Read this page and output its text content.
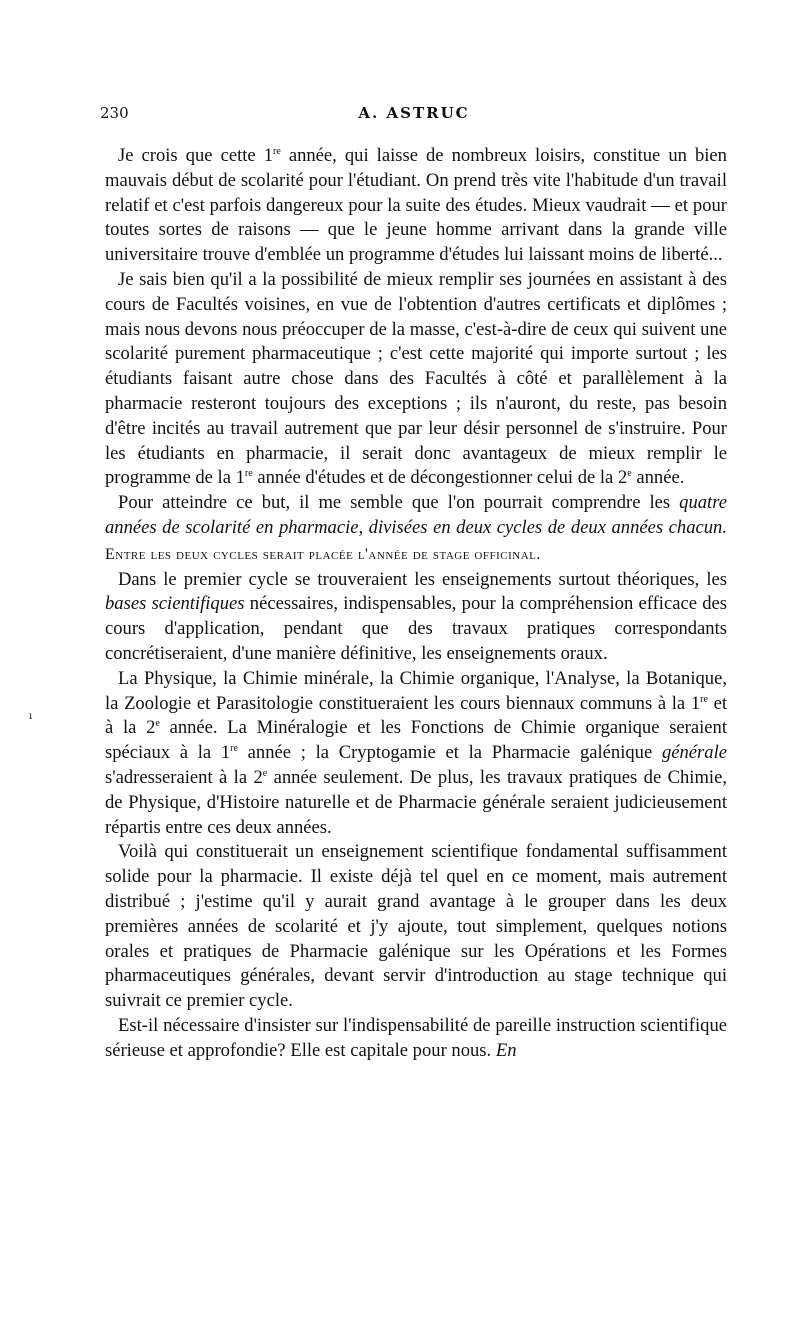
230	A. ASTRUC
ı

Je crois que cette 1re année, qui laisse de nombreux loisirs, constitue un bien mauvais début de scolarité pour l'étudiant. On prend très vite l'habitude d'un travail relatif et c'est parfois dangereux pour la suite des études. Mieux vaudrait — et pour toutes sortes de raisons — que le jeune homme arrivant dans la grande ville universitaire trouve d'emblée un programme d'études lui laissant moins de liberté...

Je sais bien qu'il a la possibilité de mieux remplir ses journées en assistant à des cours de Facultés voisines, en vue de l'obtention d'autres certificats et diplômes ; mais nous devons nous préoccuper de la masse, c'est-à-dire de ceux qui suivent une scolarité purement pharmaceutique ; c'est cette majorité qui importe surtout ; les étudiants faisant autre chose dans des Facultés à côté et parallèlement à la pharmacie resteront toujours des exceptions ; ils n'auront, du reste, pas besoin d'être incités au travail autrement que par leur désir personnel de s'instruire. Pour les étudiants en pharmacie, il serait donc avantageux de mieux remplir le programme de la 1re année d'études et de décongestionner celui de la 2e année.

Pour atteindre ce but, il me semble que l'on pourrait comprendre les quatre années de scolarité en pharmacie, divisées en deux cycles de deux années chacun. Entre les deux cycles serait placée l'année de stage officinal.

Dans le premier cycle se trouveraient les enseignements surtout théoriques, les bases scientifiques nécessaires, indispensables, pour la compréhension efficace des cours d'application, pendant que des travaux pratiques correspondants concrétiseraient, d'une manière définitive, les enseignements oraux.

La Physique, la Chimie minérale, la Chimie organique, l'Analyse, la Botanique, la Zoologie et Parasitologie constitueraient les cours biennaux communs à la 1re et à la 2e année. La Minéralogie et les Fonctions de Chimie organique seraient spéciaux à la 1re année ; la Cryptogamie et la Pharmacie galénique générale s'adresseraient à la 2e année seulement. De plus, les travaux pratiques de Chimie, de Physique, d'Histoire naturelle et de Pharmacie générale seraient judicieusement répartis entre ces deux années.

Voilà qui constituerait un enseignement scientifique fondamental suffisamment solide pour la pharmacie. Il existe déjà tel quel en ce moment, mais autrement distribué ; j'estime qu'il y aurait grand avantage à le grouper dans les deux premières années de scolarité et j'y ajoute, tout simplement, quelques notions orales et pratiques de Pharmacie galénique sur les Opérations et les Formes pharmaceutiques générales, devant servir d'introduction au stage technique qui suivrait ce premier cycle.

Est-il nécessaire d'insister sur l'indispensabilité de pareille instruction scientifique sérieuse et approfondie? Elle est capitale pour nous. En
